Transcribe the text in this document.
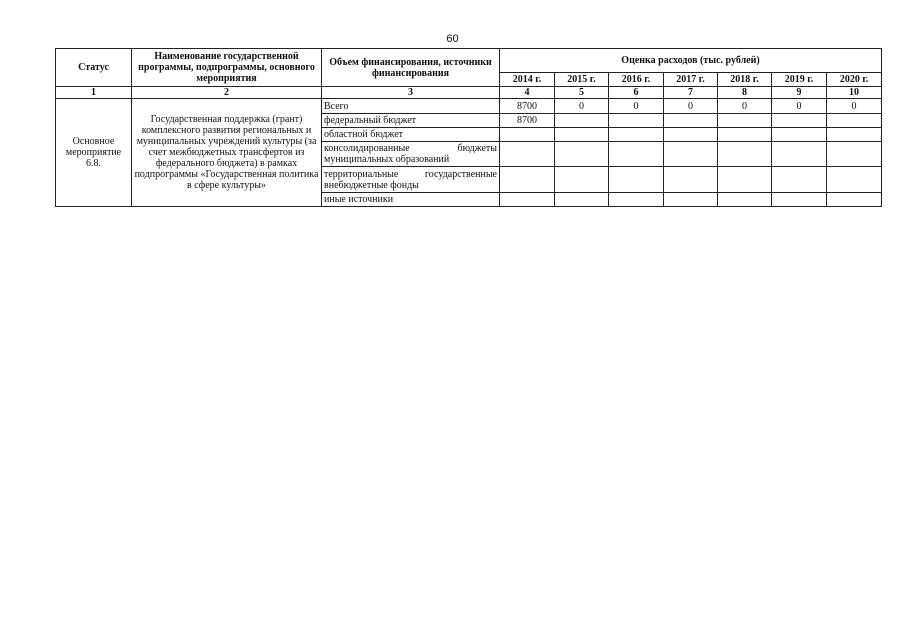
60
Статус	Наименование государственной программы, подпрограммы, основного мероприятия	Объем финансирования, источники финансирования	Оценка расходов (тыс. рублей)						
			2014 г.	2015 г.	2016 г.	2017 г.	2018 г.	2019 г.	2020 г.
1	2	3	4	5	6	7	8	9	10
Основное мероприятие 6.8.	Государственная поддержка (грант) комплексного развития региональных и муниципальных учреждений культуры (за счет межбюджетных трансфертов из федерального бюджета) в рамках подпрограммы «Государственная политика в сфере культуры»	Всего	8700	0	0	0	0	0	0
		федеральный бюджет	8700						
		областной бюджет							
		консолидированные бюджеты муниципальных образований							
		территориальные государственные внебюджетные фонды							
		иные источники							
